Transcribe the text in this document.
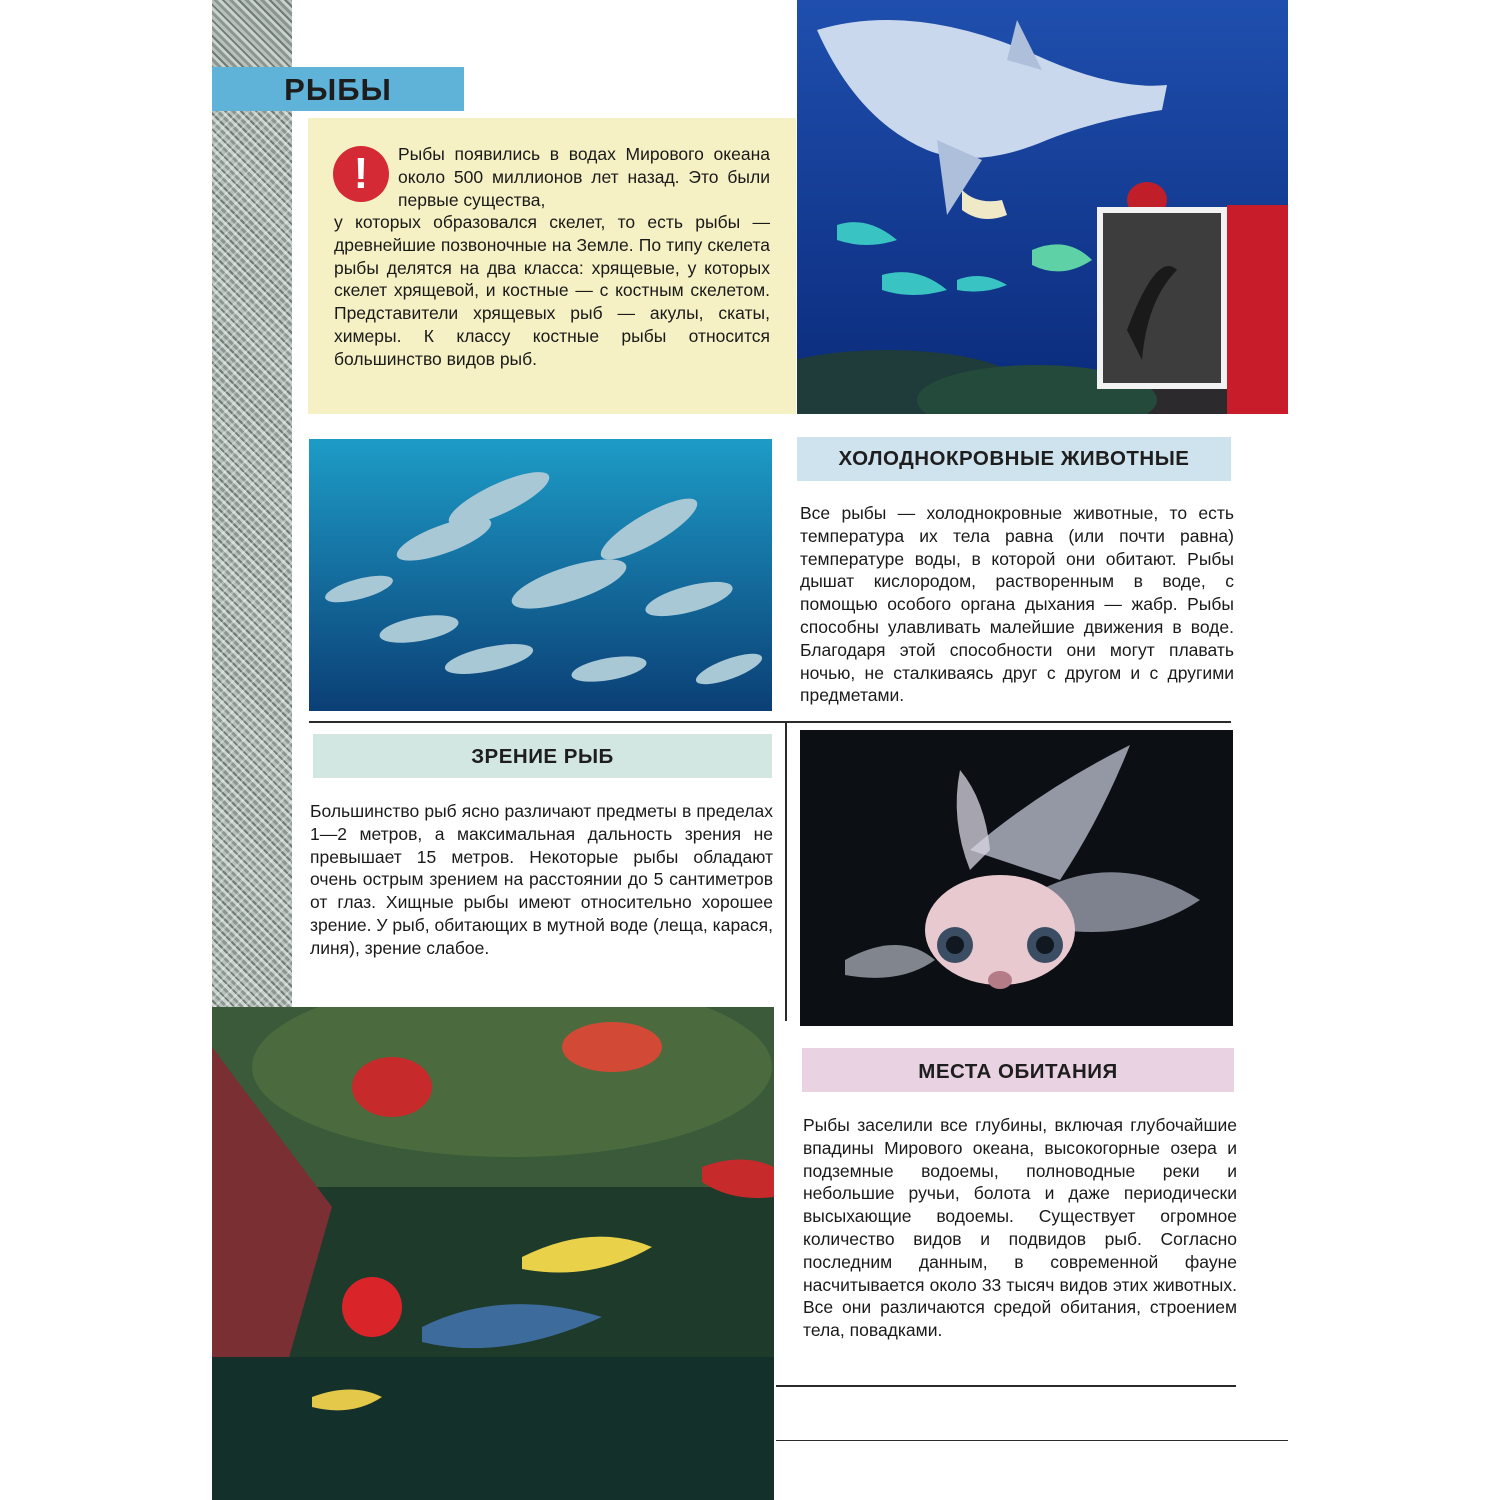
РЫБЫ
!	Рыбы появились в водах Мирового океана около 500 миллионов лет назад. Это были первые существа,
у которых образовался скелет, то есть рыбы — древнейшие позвоночные на Земле. По типу скелета рыбы делятся на два класса: хрящевые, у которых скелет хрящевой, и костные — с костным скелетом. Представители хрящевых рыб — акулы, скаты, химеры. К классу костные рыбы относится большинство видов рыб.
ХОЛОДНОКРОВНЫЕ ЖИВОТНЫЕ
Все рыбы — холоднокровные животные, то есть температура их тела равна (или почти равна) температуре воды, в которой они обитают. Рыбы дышат кислородом, растворенным в воде, с помощью особого органа дыхания — жабр. Рыбы способны улавливать малейшие движения в воде. Благодаря этой способности они могут плавать ночью, не сталкиваясь друг с другом и с другими предметами.
ЗРЕНИЕ РЫБ
Большинство рыб ясно различают предметы в пределах 1—2 метров, а максимальная дальность зрения не превышает 15 метров. Некоторые рыбы обладают очень острым зрением на расстоянии до 5 сантиметров от глаз. Хищные рыбы имеют относительно хорошее зрение. У рыб, обитающих в мутной воде (леща, карася, линя), зрение слабое.
МЕСТА ОБИТАНИЯ
Рыбы заселили все глубины, включая глубочайшие впадины Мирового океана, высокогорные озера и подземные водоемы, полноводные реки и небольшие ручьи, болота и даже периодически высыхающие водоемы. Существует огромное количество видов и подвидов рыб. Согласно последним данным, в современной фауне насчитывается около 33 тысяч видов этих животных. Все они различаются средой обитания, строением тела, повадками.
